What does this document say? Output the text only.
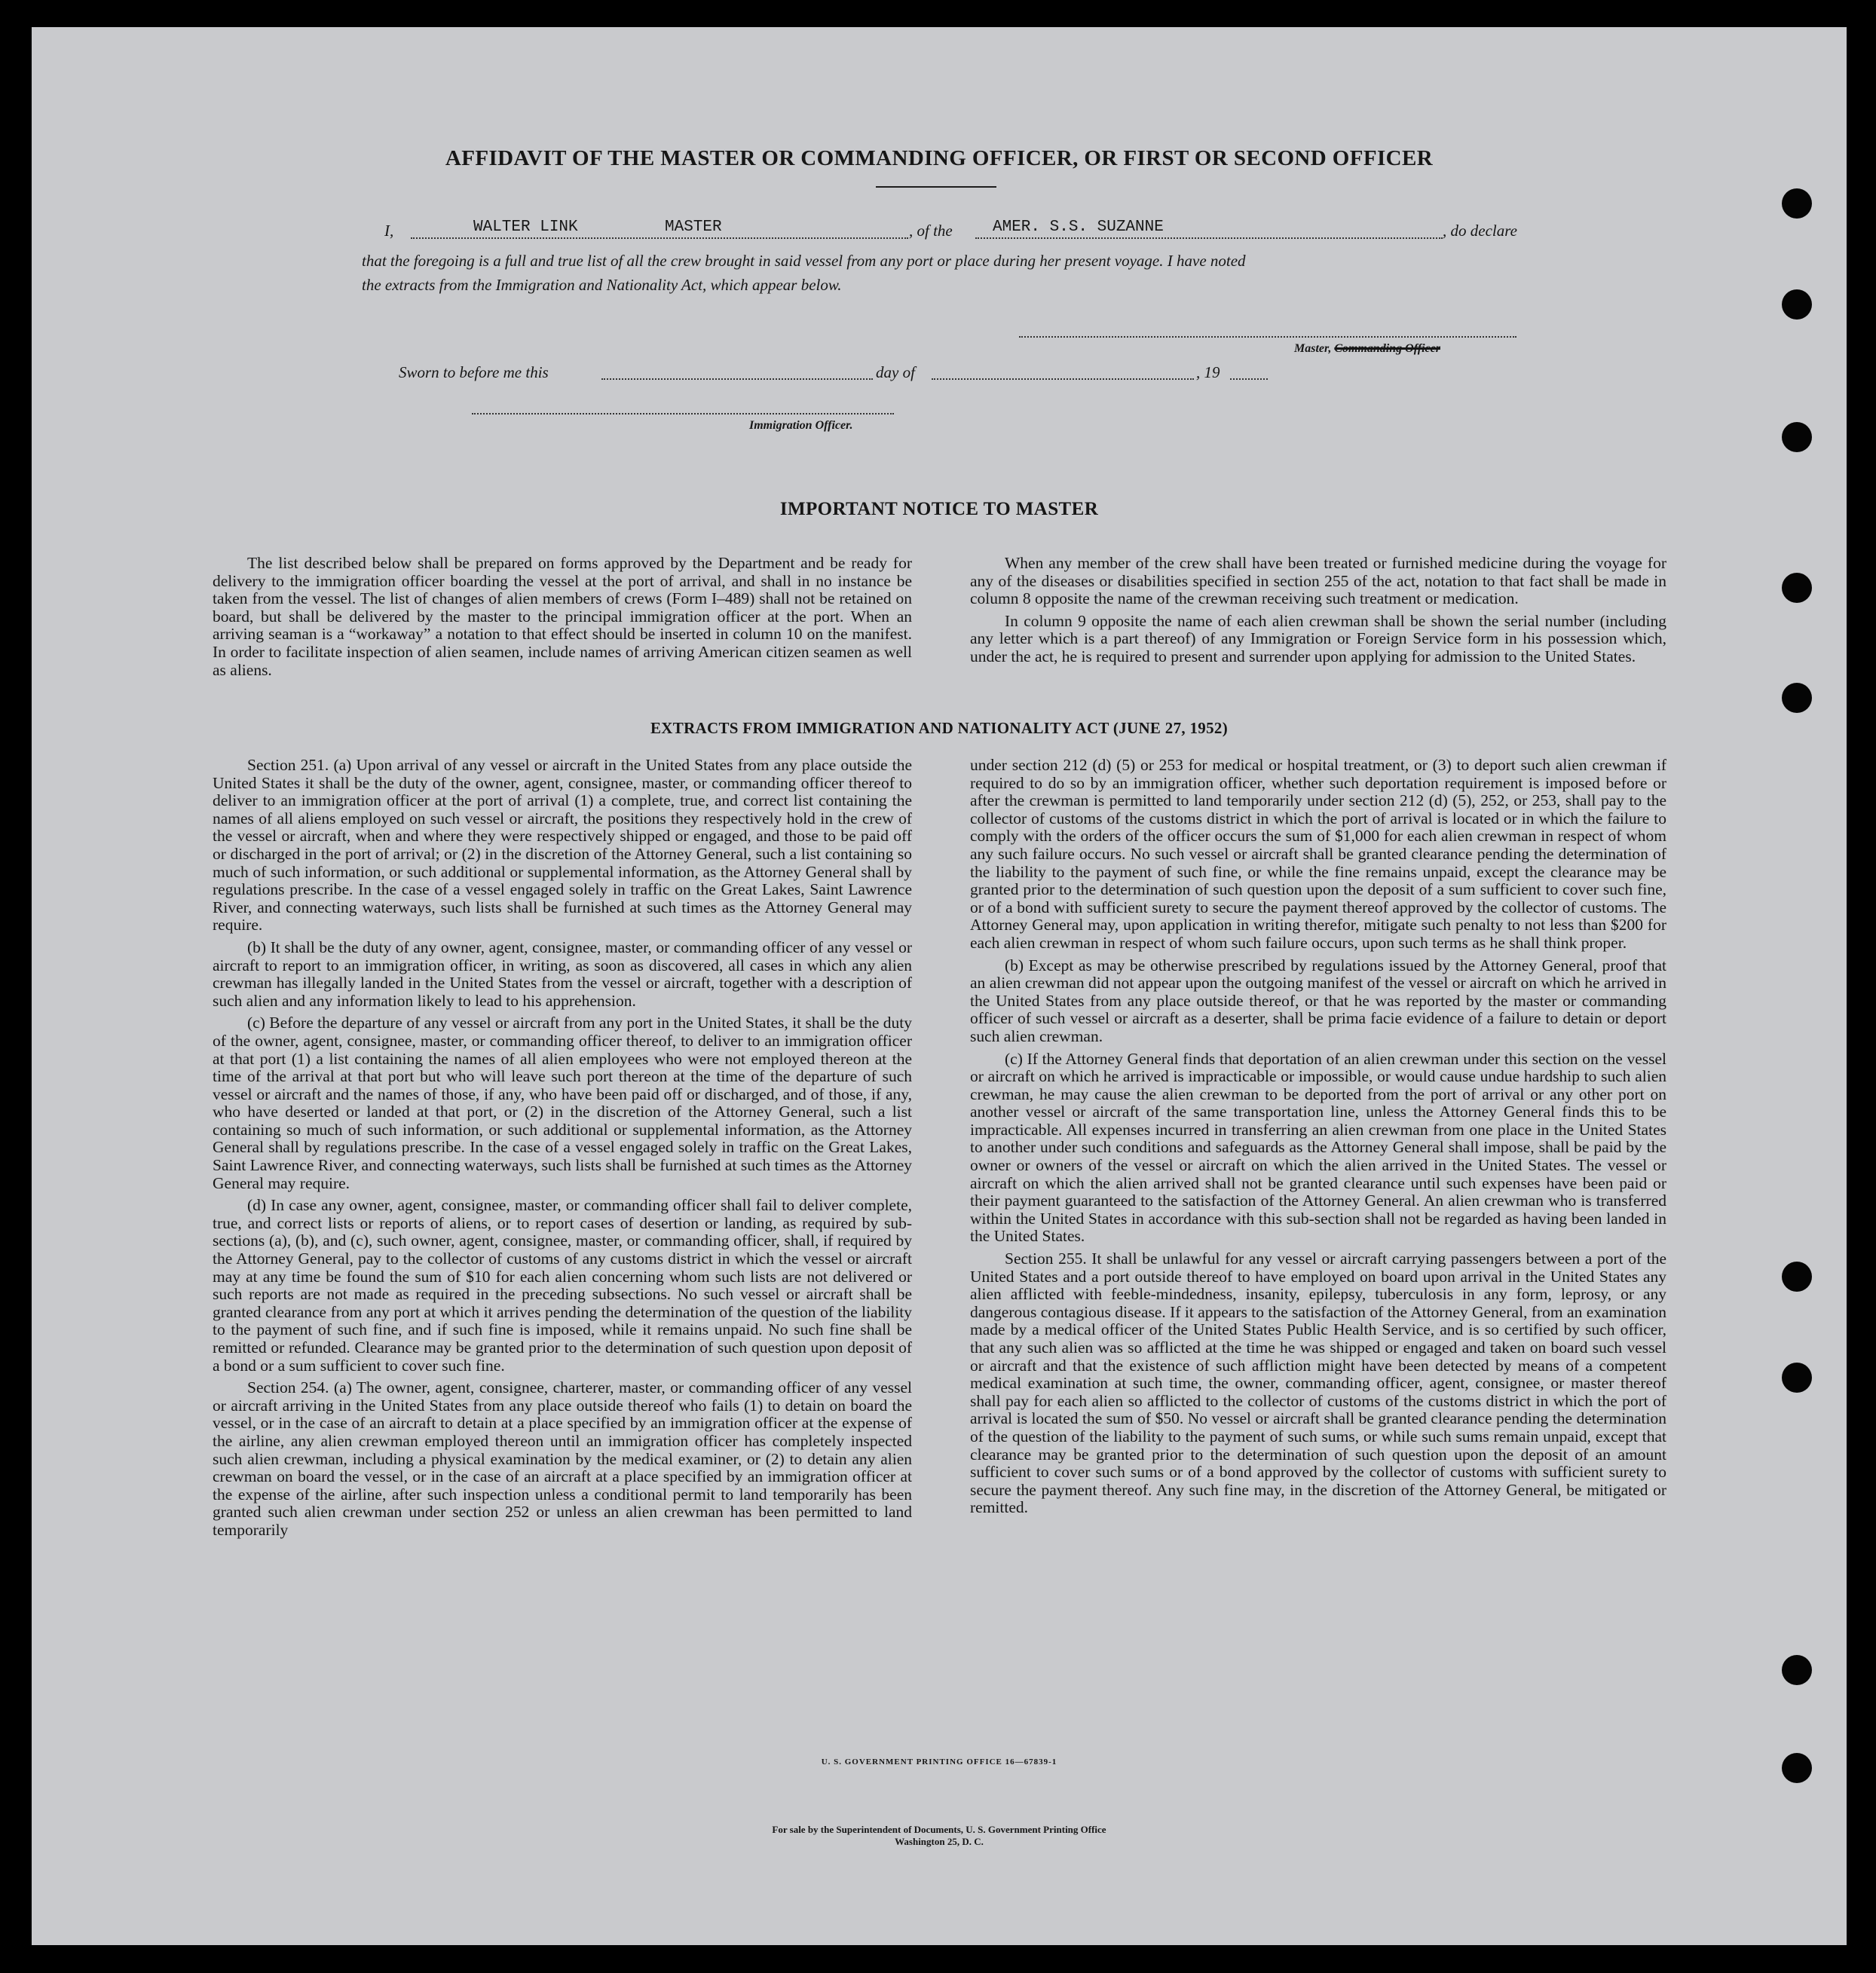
AFFIDAVIT OF THE MASTER OR COMMANDING OFFICER, OR FIRST OR SECOND OFFICER
I,	WALTER LINK	MASTER	, of the	AMER. S.S. SUZANNE	, do declare
that the foregoing is a full and true list of all the crew brought in said vessel from any port or place during her present voyage. I have noted
the extracts from the Immigration and Nationality Act, which appear below.
Master, Commanding Officer
Sworn to before me this	day of	, 19
Immigration Officer.
IMPORTANT NOTICE TO MASTER

The list described below shall be prepared on forms approved by the Department and be ready for delivery to the immigration officer boarding the vessel at the port of arrival, and shall in no instance be taken from the vessel. The list of changes of alien members of crews (Form I–489) shall not be retained on board, but shall be delivered by the master to the principal immigration officer at the port. When an arriving seaman is a “workaway” a notation to that effect should be inserted in column 10 on the manifest. In order to facilitate inspection of alien seamen, include names of arriving American citizen seamen as well as aliens.

When any member of the crew shall have been treated or furnished medicine during the voyage for any of the diseases or disabilities specified in section 255 of the act, notation to that fact shall be made in column 8 opposite the name of the crewman receiving such treatment or medication.

In column 9 opposite the name of each alien crewman shall be shown the serial number (including any letter which is a part thereof) of any Immigration or Foreign Service form in his possession which, under the act, he is required to present and surrender upon applying for admission to the United States.

EXTRACTS FROM IMMIGRATION AND NATIONALITY ACT (JUNE 27, 1952)

Section 251. (a) Upon arrival of any vessel or aircraft in the United States from any place outside the United States it shall be the duty of the owner, agent, consignee, master, or commanding officer thereof to deliver to an immigration officer at the port of arrival (1) a complete, true, and correct list containing the names of all aliens employed on such vessel or aircraft, the positions they respectively hold in the crew of the vessel or aircraft, when and where they were respectively shipped or engaged, and those to be paid off or discharged in the port of arrival; or (2) in the discretion of the Attorney General, such a list containing so much of such information, or such additional or supplemental information, as the Attorney General shall by regulations prescribe. In the case of a vessel engaged solely in traffic on the Great Lakes, Saint Lawrence River, and connecting waterways, such lists shall be furnished at such times as the Attorney General may require.

(b) It shall be the duty of any owner, agent, consignee, master, or commanding officer of any vessel or aircraft to report to an immigration officer, in writing, as soon as discovered, all cases in which any alien crewman has illegally landed in the United States from the vessel or aircraft, together with a description of such alien and any information likely to lead to his apprehension.

(c) Before the departure of any vessel or aircraft from any port in the United States, it shall be the duty of the owner, agent, consignee, master, or commanding officer thereof, to deliver to an immigration officer at that port (1) a list containing the names of all alien employees who were not employed thereon at the time of the arrival at that port but who will leave such port thereon at the time of the departure of such vessel or aircraft and the names of those, if any, who have been paid off or discharged, and of those, if any, who have deserted or landed at that port, or (2) in the discretion of the Attorney General, such a list containing so much of such information, or such additional or supplemental information, as the Attorney General shall by regulations prescribe. In the case of a vessel engaged solely in traffic on the Great Lakes, Saint Lawrence River, and connecting waterways, such lists shall be furnished at such times as the Attorney General may require.

(d) In case any owner, agent, consignee, master, or commanding officer shall fail to deliver complete, true, and correct lists or reports of aliens, or to report cases of desertion or landing, as required by sub-sections (a), (b), and (c), such owner, agent, consignee, master, or commanding officer, shall, if required by the Attorney General, pay to the collector of customs of any customs district in which the vessel or aircraft may at any time be found the sum of $10 for each alien concerning whom such lists are not delivered or such reports are not made as required in the preceding subsections. No such vessel or aircraft shall be granted clearance from any port at which it arrives pending the determination of the question of the liability to the payment of such fine, and if such fine is imposed, while it remains unpaid. No such fine shall be remitted or refunded. Clearance may be granted prior to the determination of such question upon deposit of a bond or a sum sufficient to cover such fine.

Section 254. (a) The owner, agent, consignee, charterer, master, or commanding officer of any vessel or aircraft arriving in the United States from any place outside thereof who fails (1) to detain on board the vessel, or in the case of an aircraft to detain at a place specified by an immigration officer at the expense of the airline, any alien crewman employed thereon until an immigration officer has completely inspected such alien crewman, including a physical examination by the medical examiner, or (2) to detain any alien crewman on board the vessel, or in the case of an aircraft at a place specified by an immigration officer at the expense of the airline, after such inspection unless a conditional permit to land temporarily has been granted such alien crewman under section 252 or unless an alien crewman has been permitted to land temporarily

under section 212 (d) (5) or 253 for medical or hospital treatment, or (3) to deport such alien crewman if required to do so by an immigration officer, whether such deportation requirement is imposed before or after the crewman is permitted to land temporarily under section 212 (d) (5), 252, or 253, shall pay to the collector of customs of the customs district in which the port of arrival is located or in which the failure to comply with the orders of the officer occurs the sum of $1,000 for each alien crewman in respect of whom any such failure occurs. No such vessel or aircraft shall be granted clearance pending the determination of the liability to the payment of such fine, or while the fine remains unpaid, except the clearance may be granted prior to the determination of such question upon the deposit of a sum sufficient to cover such fine, or of a bond with sufficient surety to secure the payment thereof approved by the collector of customs. The Attorney General may, upon application in writing therefor, mitigate such penalty to not less than $200 for each alien crewman in respect of whom such failure occurs, upon such terms as he shall think proper.

(b) Except as may be otherwise prescribed by regulations issued by the Attorney General, proof that an alien crewman did not appear upon the outgoing manifest of the vessel or aircraft on which he arrived in the United States from any place outside thereof, or that he was reported by the master or commanding officer of such vessel or aircraft as a deserter, shall be prima facie evidence of a failure to detain or deport such alien crewman.

(c) If the Attorney General finds that deportation of an alien crewman under this section on the vessel or aircraft on which he arrived is impracticable or impossible, or would cause undue hardship to such alien crewman, he may cause the alien crewman to be deported from the port of arrival or any other port on another vessel or aircraft of the same transportation line, unless the Attorney General finds this to be impracticable. All expenses incurred in transferring an alien crewman from one place in the United States to another under such conditions and safeguards as the Attorney General shall impose, shall be paid by the owner or owners of the vessel or aircraft on which the alien arrived in the United States. The vessel or aircraft on which the alien arrived shall not be granted clearance until such expenses have been paid or their payment guaranteed to the satisfaction of the Attorney General. An alien crewman who is transferred within the United States in accordance with this sub-section shall not be regarded as having been landed in the United States.

Section 255. It shall be unlawful for any vessel or aircraft carrying passengers between a port of the United States and a port outside thereof to have employed on board upon arrival in the United States any alien afflicted with feeble-mindedness, insanity, epilepsy, tuberculosis in any form, leprosy, or any dangerous contagious disease. If it appears to the satisfaction of the Attorney General, from an examination made by a medical officer of the United States Public Health Service, and is so certified by such officer, that any such alien was so afflicted at the time he was shipped or engaged and taken on board such vessel or aircraft and that the existence of such affliction might have been detected by means of a competent medical examination at such time, the owner, commanding officer, agent, consignee, or master thereof shall pay for each alien so afflicted to the collector of customs of the customs district in which the port of arrival is located the sum of $50. No vessel or aircraft shall be granted clearance pending the determination of the question of the liability to the payment of such sums, or while such sums remain unpaid, except that clearance may be granted prior to the determination of such question upon the deposit of an amount sufficient to cover such sums or of a bond approved by the collector of customs with sufficient surety to secure the payment thereof. Any such fine may, in the discretion of the Attorney General, be mitigated or remitted.

U. S. GOVERNMENT PRINTING OFFICE 16—67839-1
For sale by the Superintendent of Documents, U. S. Government Printing Office
Washington 25, D. C.
